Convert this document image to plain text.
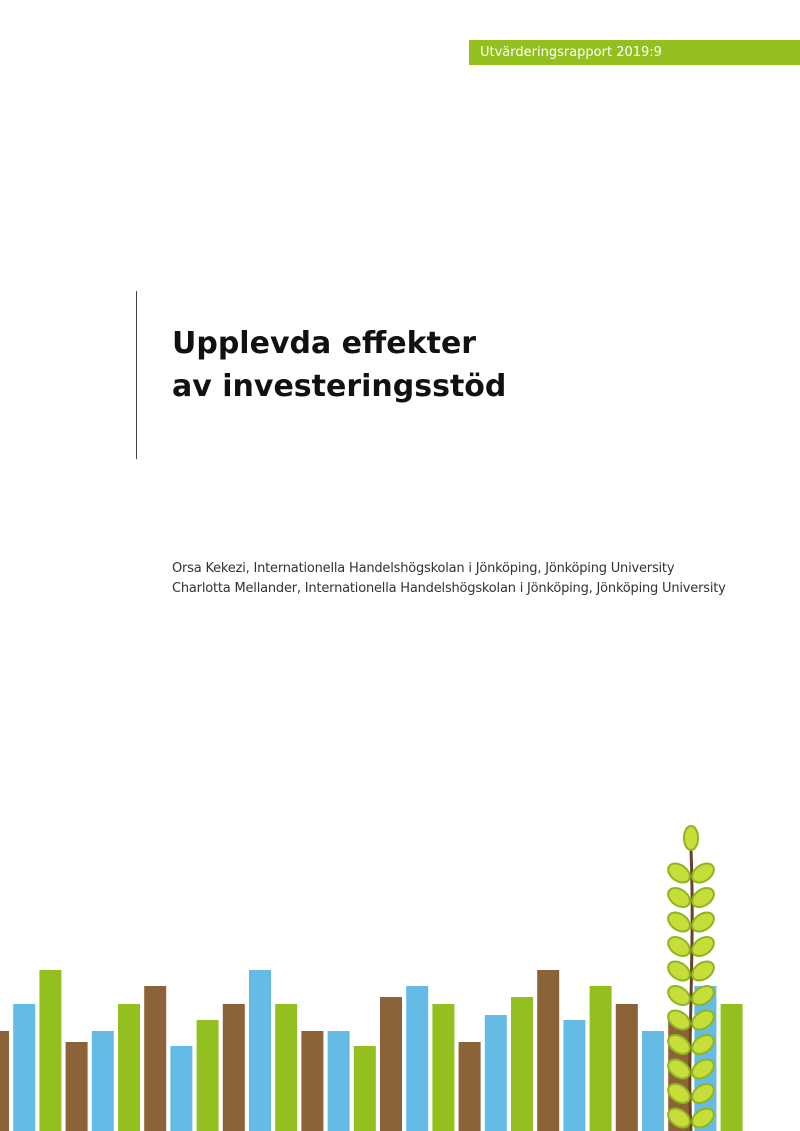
Utvärderingsrapport 2019:9
Upplevda effekter
av investeringsstöd
Orsa Kekezi, Internationella Handelshögskolan i Jönköping, Jönköping University
Charlotta Mellander, Internationella Handelshögskolan i Jönköping, Jönköping University
